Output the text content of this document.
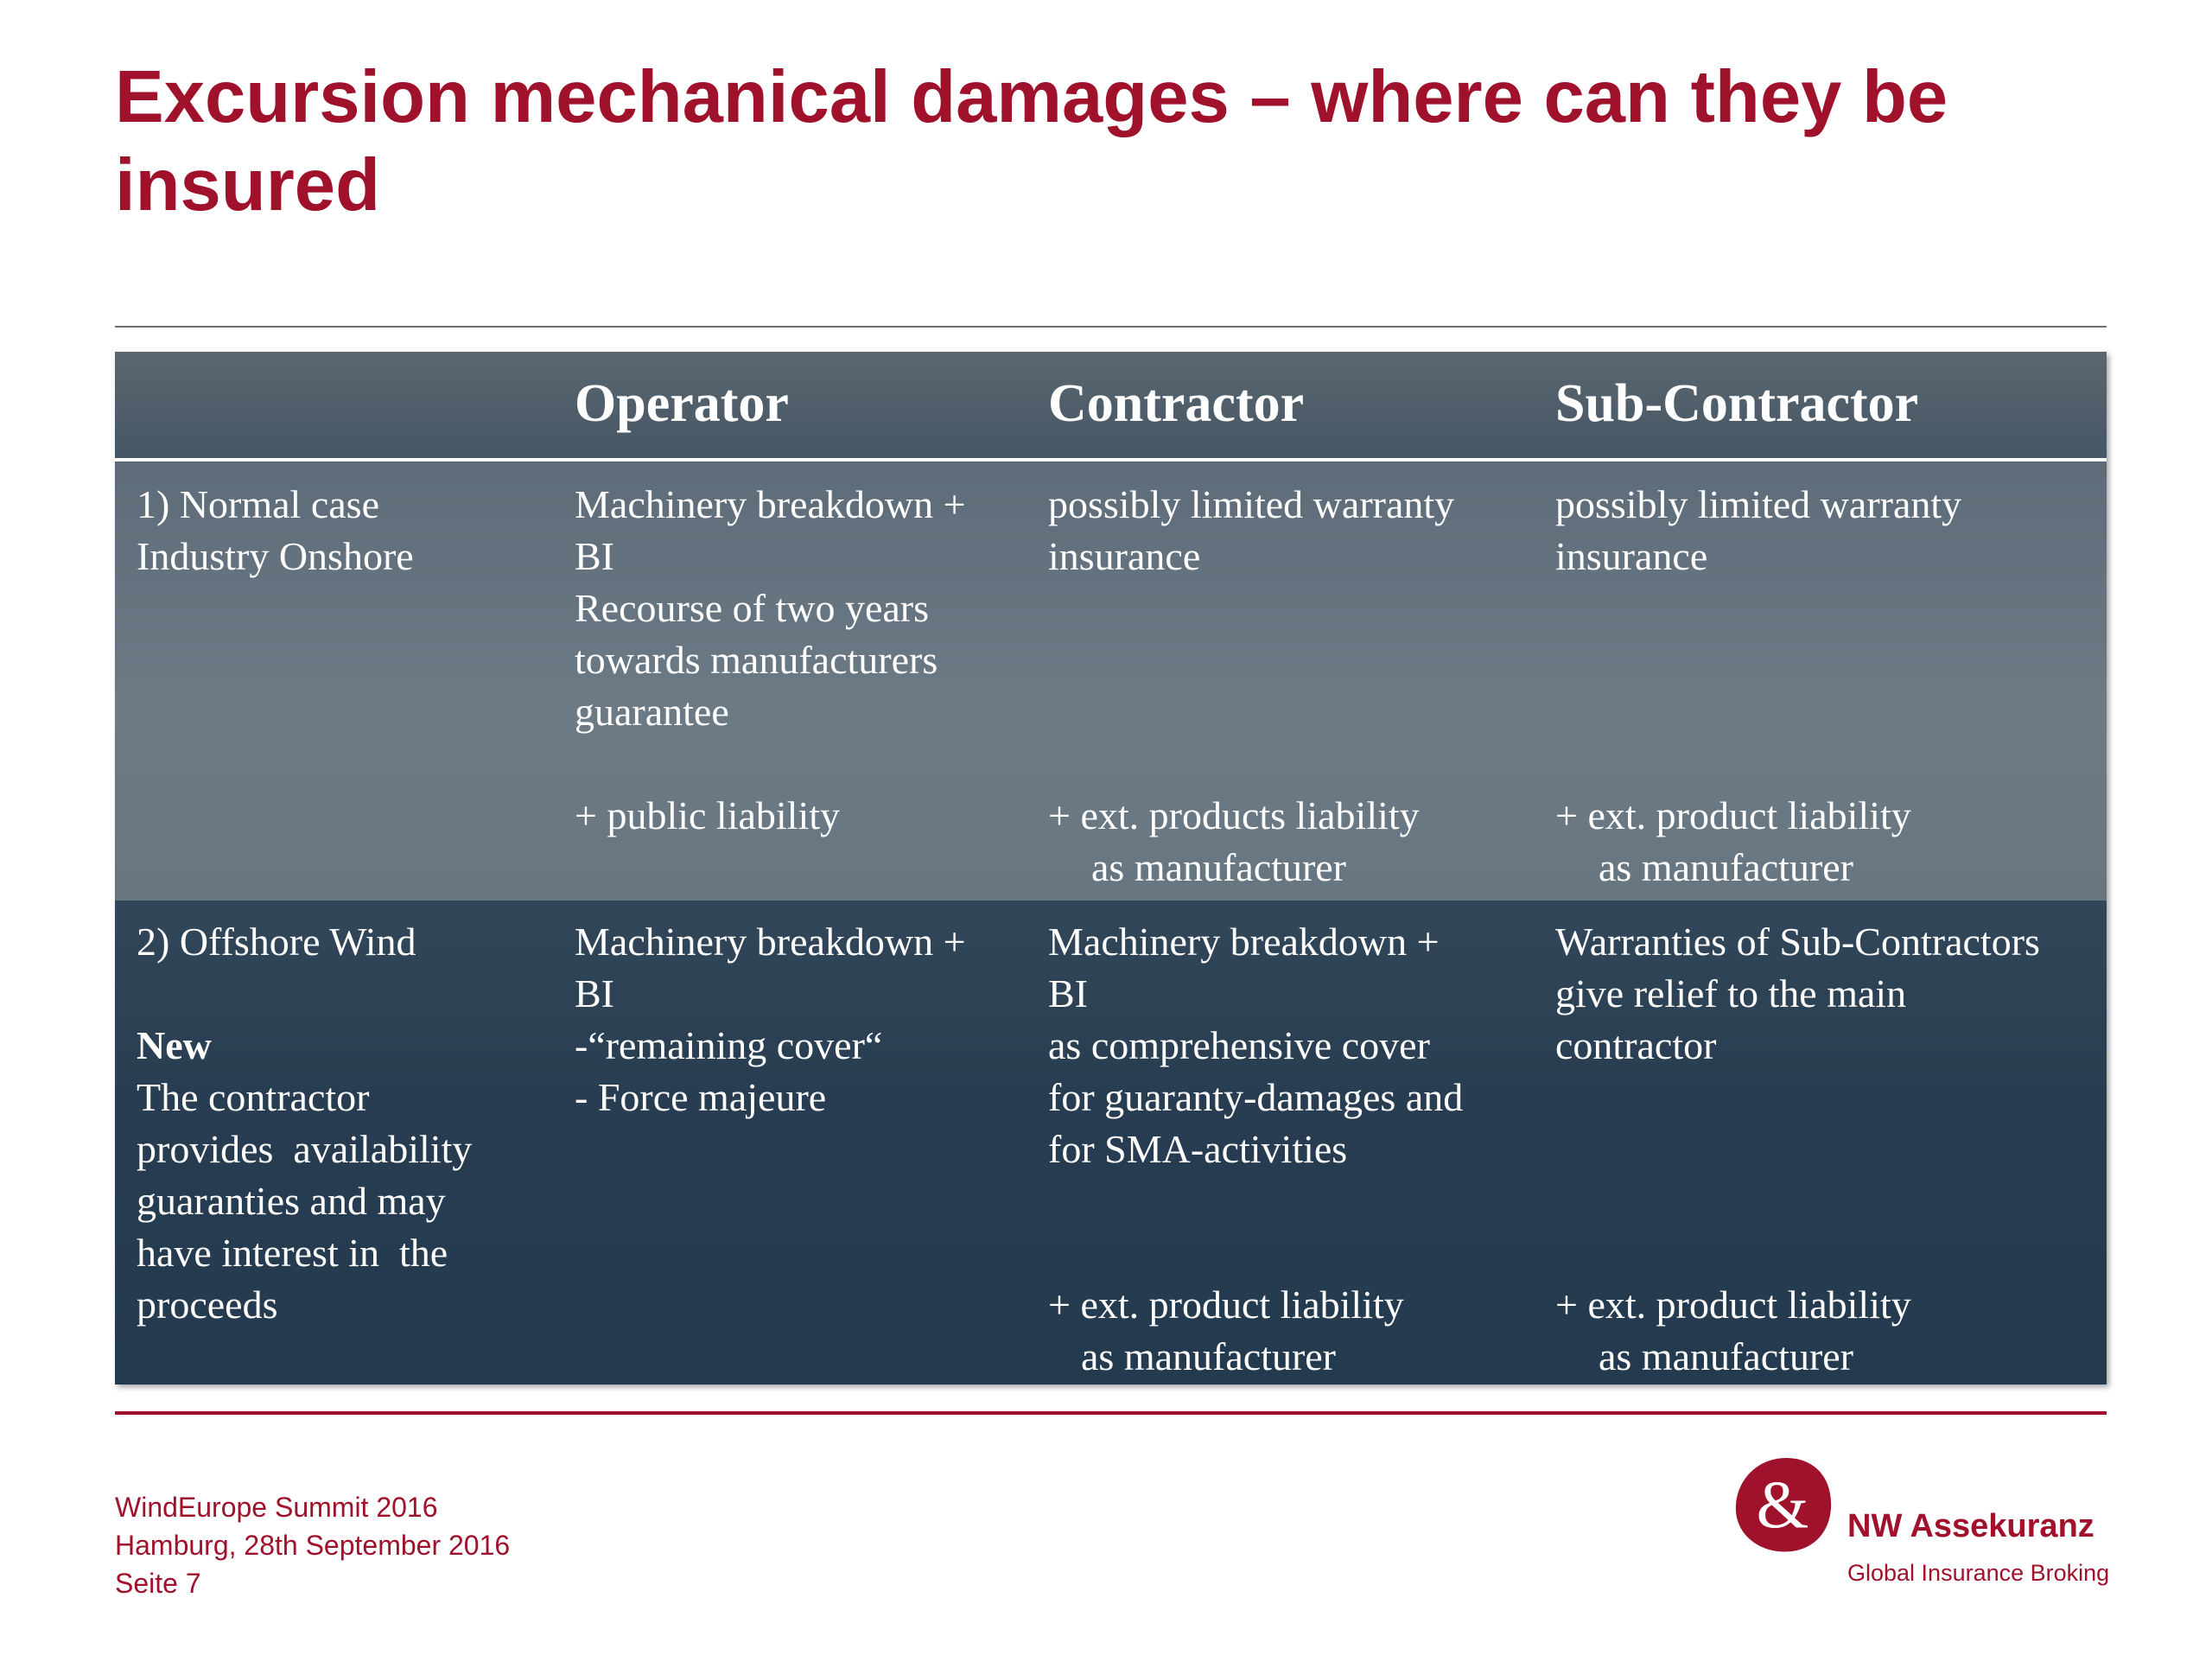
Excursion mechanical damages – where can they be insured
Operator	Contractor	Sub-Contractor
1) Normal case
Industry Onshore
Machinery breakdown +
BI
Recourse of two years
towards manufacturers
guarantee
+ public liability
possibly limited warranty
insurance
+ ext. products liability
as manufacturer
possibly limited warranty
insurance
+ ext. product liability
as manufacturer
2) Offshore Wind
New
The contractor
provides  availability
guaranties and may
have interest in  the
proceeds
Machinery breakdown +
BI
-“remaining cover“
- Force majeure
Machinery breakdown +
BI
as comprehensive cover
for guaranty-damages and
for SMA-activities
+ ext. product liability
as manufacturer
Warranties of Sub-Contractors
give relief to the main
contractor
+ ext. product liability
as manufacturer
WindEurope Summit 2016
Hamburg, 28th September 2016
Seite 7
& NW Assekuranz
Global Insurance Broking
